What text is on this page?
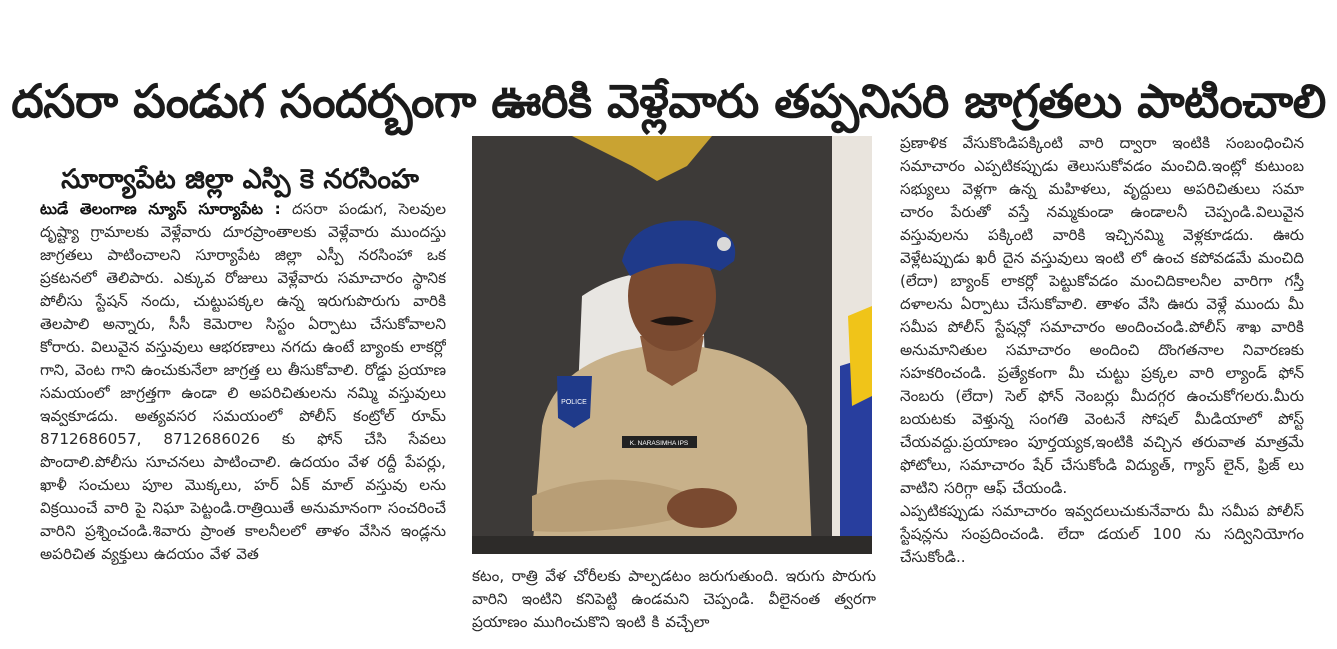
దసరా పండుగ సందర్బంగా ఊరికి వెళ్లేవారు తప్పనిసరి జాగ్రతలు పాటించాలి
సూర్యాపేట జిల్లా ఎస్పి కె నరసింహ
టుడే తెలంగాణ న్యూస్ సూర్యాపేట : దసరా పండుగ, సెలవుల దృష్ట్యా గ్రామాలకు వెళ్లేవారు దూరప్రాంతాలకు వెళ్లేవారు ముందస్తు జాగ్రతలు పాటించాలని సూర్యాపేట జిల్లా ఎస్పీ నరసింహా ఒక ప్రకటనలో తెలిపారు. ఎక్కువ రోజులు వెళ్లేవారు సమాచారం స్థానిక పోలీసు స్టేషన్ నందు, చుట్టుపక్కల ఉన్న ఇరుగుపొరుగు వారికి తెలపాలి అన్నారు, సీసీ కెమెరాల సిస్టం ఏర్పాటు చేసుకోవాలని కోరారు. విలువైన వస్తువులు ఆభరణాలు నగదు ఉంటే బ్యాంకు లాకర్లో గాని, వెంట గాని ఉంచుకునేలా జాగ్రత్త లు తీసుకోవాలి. రోడ్డు ప్రయాణ సమయంలో జాగ్రత్తగా ఉండా లి అపరిచితులను నమ్మి వస్తువులు ఇవ్వకూడదు. అత్యవసర సమయంలో పోలీస్ కంట్రోల్ రూమ్ 8712686057, 8712686026 కు ఫోన్ చేసి సేవలు పొందాలి.పోలీసు సూచనలు పాటించాలి. ఉదయం వేళ రద్దీ పేపర్లు, ఖాళీ సంచులు పూల మొక్కలు, హర్ ఏక్ మాల్ వస్తువు లను విక్రయించే వారి పై నిఘా పెట్టండి.రాత్రియితే అనుమానంగా సంచరించే వారిని ప్రశ్నించండి.శివారు ప్రాంత కాలనీలలో తాళం వేసిన ఇండ్లను అపరిచిత వ్యక్తులు ఉదయం వేళ వెత
POLICE
K. NARASIMHA IPS
కటం, రాత్రి వేళ చోరీలకు పాల్పడటం జరుగుతుంది. ఇరుగు పొరుగు వారిని ఇంటిని కనిపెట్టి ఉండమని చెప్పండి. వీలైనంత త్వరగా ప్రయాణం ముగించుకొని ఇంటి కి వచ్చేలా
ప్రణాళిక వేసుకొండిపక్కింటి వారి ద్వారా ఇంటికి సంబంధించిన సమాచారం ఎప్పటికప్పుడు తెలుసుకోవడం మంచిది.ఇంట్లో కుటుంబ సభ్యులు వెళ్లగా ఉన్న మహిళలు, వృద్దులు అపరిచితులు సమా చారం పేరుతో వస్తే నమ్మకుండా ఉండాలనీ చెప్పండి.విలువైన వస్తువులను పక్కింటి వారికి ఇచ్చినమ్మి వెళ్లకూడదు. ఊరు వెళ్లేటప్పుడు ఖరీ దైన వస్తువులు ఇంటి లో ఉంచ కపోవడమే మంచిది (లేదా) బ్యాంక్ లాకర్లో పెట్టుకోవడం మంచిదికాలనీల వారిగా గస్తీ దళాలను ఏర్పాటు చేసుకోవాలి. తాళం వేసి ఊరు వెళ్లే ముందు మీ సమీప పోలీస్ స్టేషన్లో సమాచారం అందించండి.పోలీస్ శాఖ వారికి అనుమానితుల సమాచారం అందించి దొంగతనాల నివారణకు సహకరించండి. ప్రత్యేకంగా మీ చుట్టు ప్రక్కల వారి ల్యాండ్ ఫోన్ నెంబరు (లేదా) సెల్ ఫోన్ నెంబర్లు మీదగ్గర ఉంచుకోగలరు.మీరు బయటకు వెళ్తున్న సంగతి వెంటనే సోషల్ మీడియాలో పోస్ట్ చేయవద్దు.ప్రయాణం పూర్తయ్యక,ఇంటికి వచ్చిన తరువాత మాత్రమే ఫోటోలు, సమాచారం షేర్ చేసుకోండి విద్యుత్, గ్యాస్ లైన్, ఫ్రిజ్ లు వాటిని సరిగ్గా ఆఫ్ చేయండి.
ఎప్పటికప్పుడు సమాచారం ఇవ్వదలుచుకునేవారు మీ సమీప పోలీస్ స్టేషన్లను సంప్రదించండి. లేదా డయల్ 100 ను సద్వినియోగం చేసుకోండి..
